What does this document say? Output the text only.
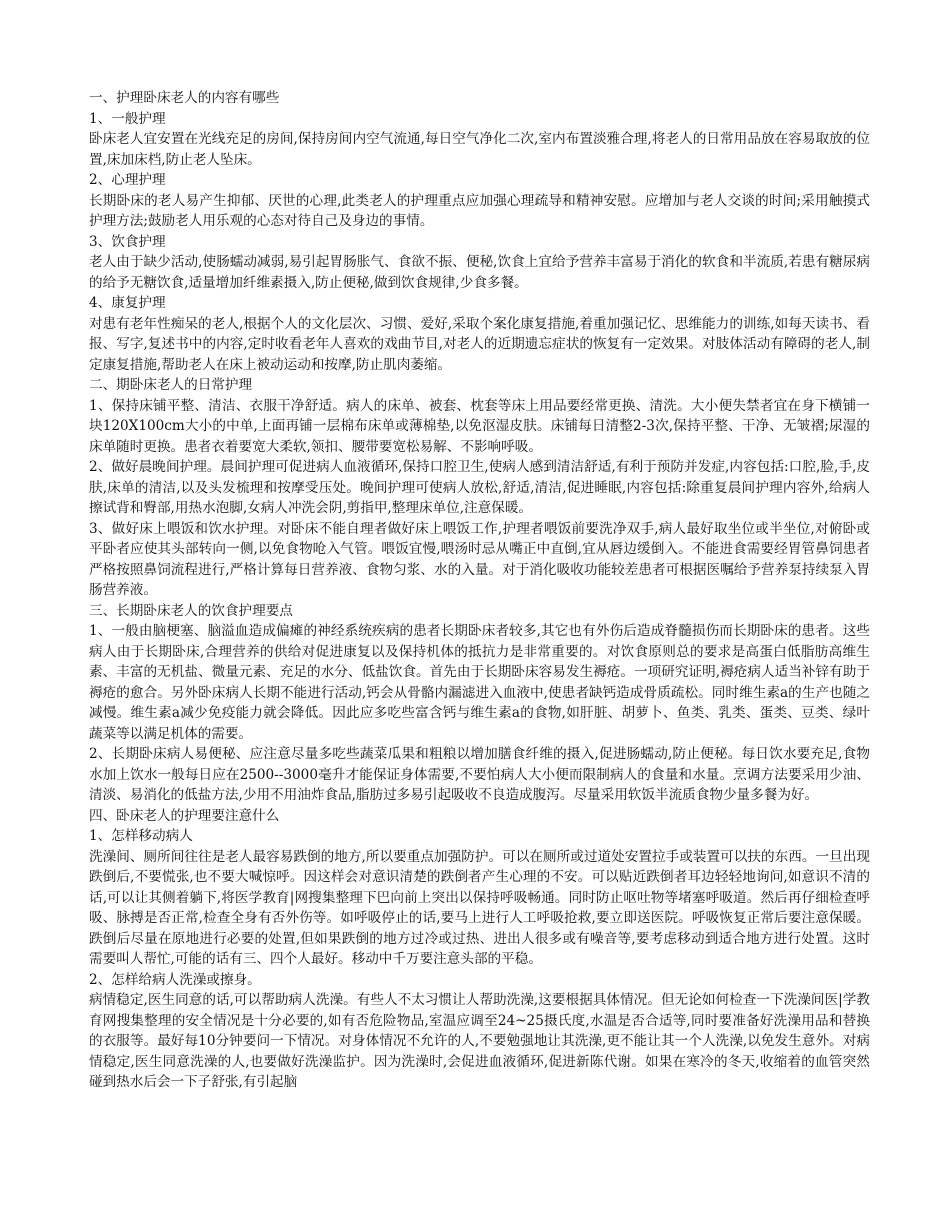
一、护理卧床老人的内容有哪些

1、一般护理

卧床老人宜安置在光线充足的房间,保持房间内空气流通,每日空气净化二次,室内布置淡雅合理,将老人的日常用品放在容易取放的位置,床加床档,防止老人坠床。

2、心理护理

长期卧床的老人易产生抑郁、厌世的心理,此类老人的护理重点应加强心理疏导和精神安慰。应增加与老人交谈的时间;采用触摸式护理方法;鼓励老人用乐观的心态对待自己及身边的事情。

3、饮食护理

老人由于缺少活动,使肠蠕动减弱,易引起胃肠胀气、食欲不振、便秘,饮食上宜给予营养丰富易于消化的软食和半流质,若患有糖尿病的给予无糖饮食,适量增加纤维素摄入,防止便秘,做到饮食规律,少食多餐。

4、康复护理

对患有老年性痴呆的老人,根据个人的文化层次、习惯、爱好,采取个案化康复措施,着重加强记忆、思维能力的训练,如每天读书、看报、写字,复述书中的内容,定时收看老年人喜欢的戏曲节目,对老人的近期遗忘症状的恢复有一定效果。对肢体活动有障碍的老人,制定康复措施,帮助老人在床上被动运动和按摩,防止肌肉萎缩。

二、期卧床老人的日常护理

1、保持床铺平整、清洁、衣服干净舒适。病人的床单、被套、枕套等床上用品要经常更换、清洗。大小便失禁者宜在身下横铺一块120X100cm大小的中单,上面再铺一层棉布床单或薄棉垫,以免沤湿皮肤。床铺每日清整2-3次,保持平整、干净、无皱褶;尿湿的床单随时更换。患者衣着要宽大柔软,领扣、腰带要宽松易解、不影响呼吸。

2、做好晨晚间护理。晨间护理可促进病人血液循环,保持口腔卫生,使病人感到清洁舒适,有利于预防并发症,内容包括:口腔,脸,手,皮肤,床单的清洁,以及头发梳理和按摩受压处。晚间护理可使病人放松,舒适,清洁,促进睡眠,内容包括:除重复晨间护理内容外,给病人擦试背和臀部,用热水泡脚,女病人冲洗会阴,剪指甲,整理床单位,注意保暖。

3、做好床上喂饭和饮水护理。对卧床不能自理者做好床上喂饭工作,护理者喂饭前要洗净双手,病人最好取坐位或半坐位,对俯卧或平卧者应使其头部转向一侧,以免食物呛入气管。喂饭宜慢,喂汤时忌从嘴正中直倒,宜从唇边缓倒入。不能进食需要经胃管鼻饲患者严格按照鼻饲流程进行,严格计算每日营养液、食物匀浆、水的入量。对于消化吸收功能较差患者可根据医嘱给予营养泵持续泵入胃肠营养液。

三、长期卧床老人的饮食护理要点

1、一般由脑梗塞、脑溢血造成偏瘫的神经系统疾病的患者长期卧床者较多,其它也有外伤后造成脊髓损伤而长期卧床的患者。这些病人由于长期卧床,合理营养的供给对促进康复以及保持机体的抵抗力是非常重要的。对饮食原则总的要求是高蛋白低脂肪高维生素、丰富的无机盐、微量元素、充足的水分、低盐饮食。首先由于长期卧床容易发生褥疮。一项研究证明,褥疮病人适当补锌有助于褥疮的愈合。另外卧床病人长期不能进行活动,钙会从骨骼内漏滤进入血液中,使患者缺钙造成骨质疏松。同时维生素a的生产也随之减慢。维生素a减少免疫能力就会降低。因此应多吃些富含钙与维生素a的食物,如肝脏、胡萝卜、鱼类、乳类、蛋类、豆类、绿叶蔬菜等以满足机体的需要。

2、长期卧床病人易便秘、应注意尽量多吃些蔬菜瓜果和粗粮以增加膳食纤维的摄入,促进肠蠕动,防止便秘。每日饮水要充足,食物水加上饮水一般每日应在2500--3000毫升才能保证身体需要,不要怕病人大小便而限制病人的食量和水量。烹调方法要采用少油、清淡、易消化的低盐方法,少用不用油炸食品,脂肪过多易引起吸收不良造成腹泻。尽量采用软饭半流质食物少量多餐为好。

四、卧床老人的护理要注意什么

1、怎样移动病人

洗澡间、厕所间往往是老人最容易跌倒的地方,所以要重点加强防护。可以在厕所或过道处安置拉手或装置可以扶的东西。一旦出现跌倒后,不要慌张,也不要大喊惊呼。因这样会对意识清楚的跌倒者产生心理的不安。可以贴近跌倒者耳边轻轻地询问,如意识不清的话,可以让其侧着躺下,将医学教育|网搜集整理下巴向前上突出以保持呼吸畅通。同时防止呕吐物等堵塞呼吸道。然后再仔细检查呼吸、脉搏是否正常,检查全身有否外伤等。如呼吸停止的话,要马上进行人工呼吸抢救,要立即送医院。呼吸恢复正常后要注意保暖。跌倒后尽量在原地进行必要的处置,但如果跌倒的地方过冷或过热、进出人很多或有噪音等,要考虑移动到适合地方进行处置。这时需要叫人帮忙,可能的话有三、四个人最好。移动中千万要注意头部的平稳。

2、怎样给病人洗澡或擦身。

病情稳定,医生同意的话,可以帮助病人洗澡。有些人不太习惯让人帮助洗澡,这要根据具体情况。但无论如何检查一下洗澡间医|学教育网搜集整理的安全情况是十分必要的,如有否危险物品,室温应调至24~25摄氏度,水温是否合适等,同时要准备好洗澡用品和替换的衣服等。最好每10分钟要问一下情况。对身体情况不允许的人,不要勉强地让其洗澡,更不能让其一个人洗澡,以免发生意外。对病情稳定,医生同意洗澡的人,也要做好洗澡监护。因为洗澡时,会促进血液循环,促进新陈代谢。如果在寒冷的冬天,收缩着的血管突然碰到热水后会一下子舒张,有引起脑
